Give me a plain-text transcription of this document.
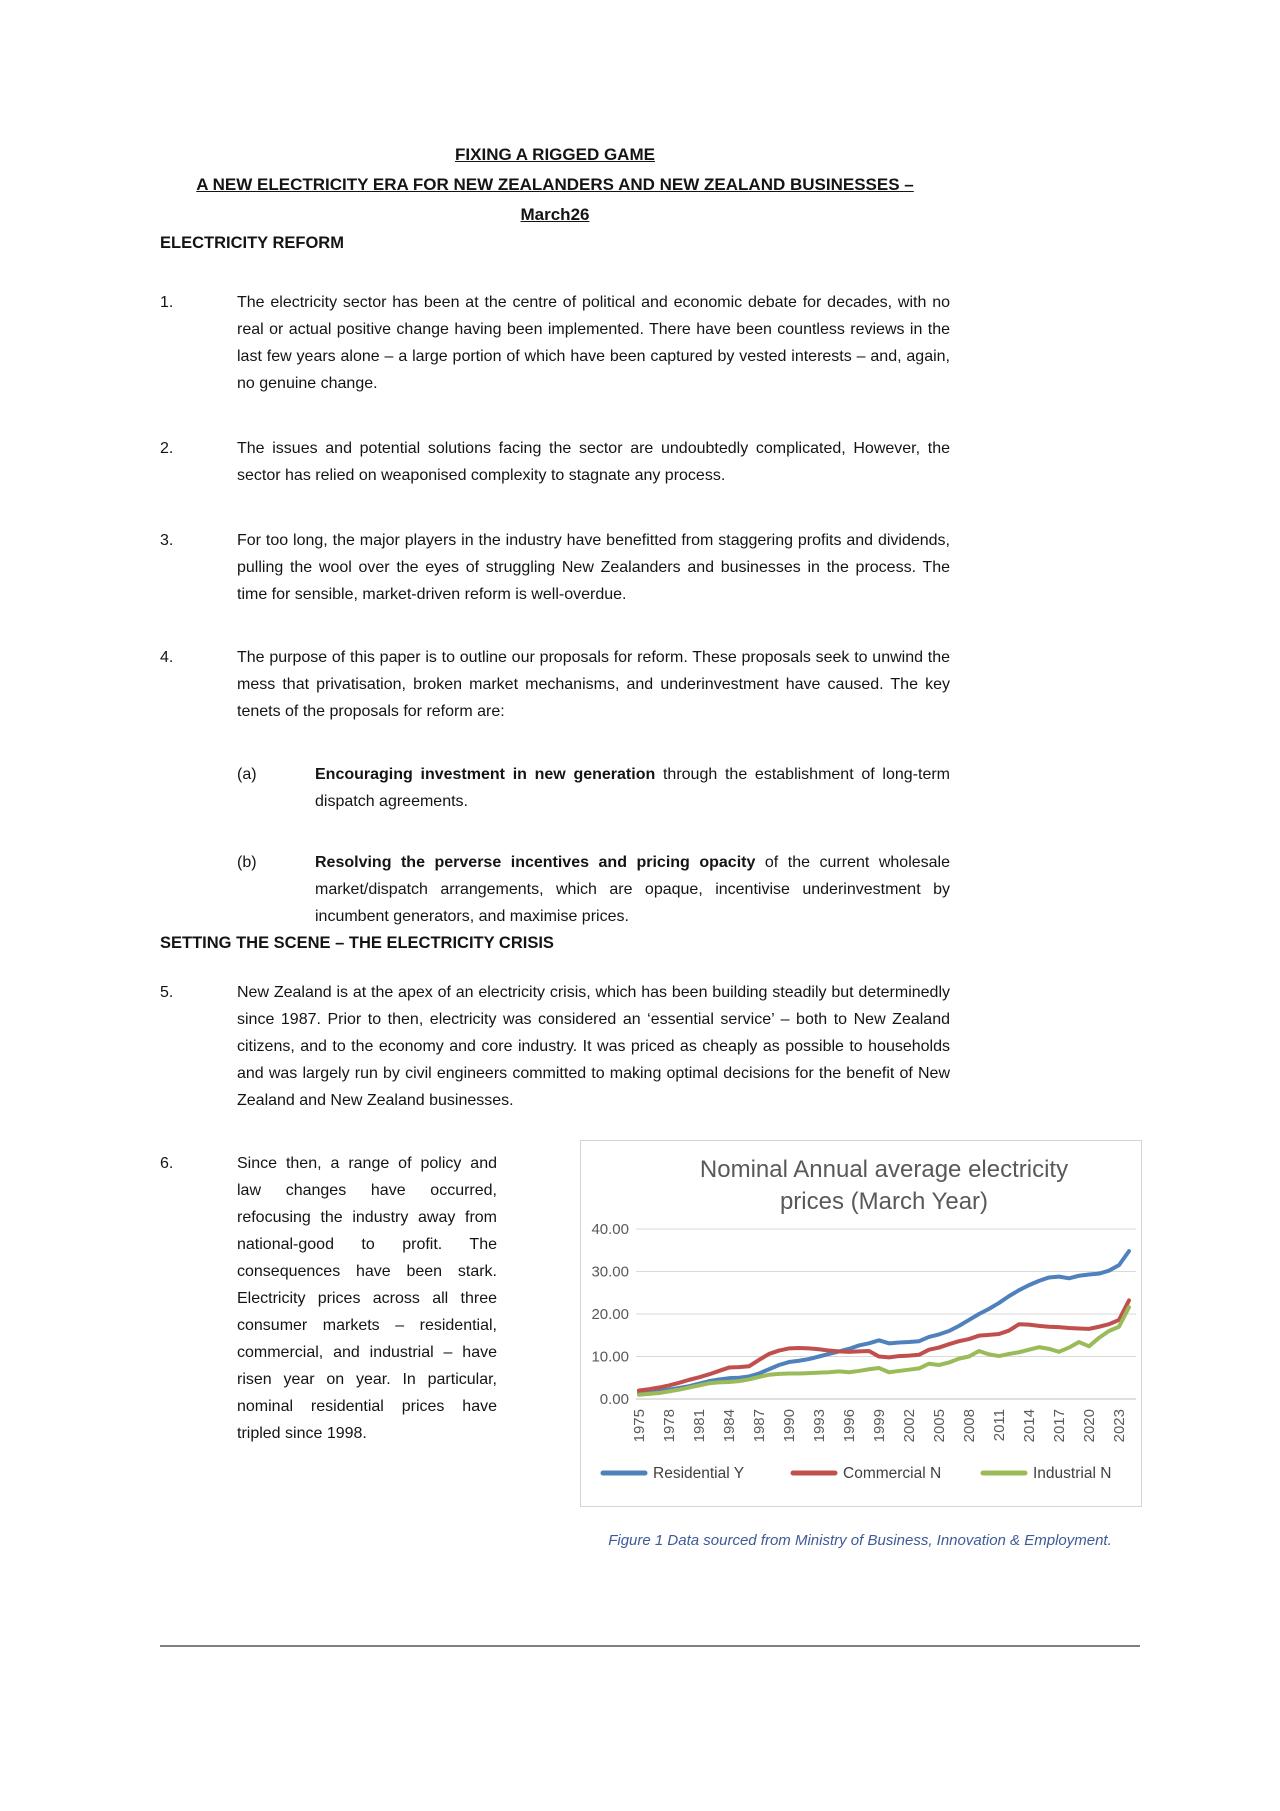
FIXING A RIGGED GAME
A NEW ELECTRICITY ERA FOR NEW ZEALANDERS AND NEW ZEALAND BUSINESSES – March26
ELECTRICITY REFORM
1.	The electricity sector has been at the centre of political and economic debate for decades, with no real or actual positive change having been implemented. There have been countless reviews in the last few years alone – a large portion of which have been captured by vested interests – and, again, no genuine change.
2.	The issues and potential solutions facing the sector are undoubtedly complicated, However, the sector has relied on weaponised complexity to stagnate any process.
3.	For too long, the major players in the industry have benefitted from staggering profits and dividends, pulling the wool over the eyes of struggling New Zealanders and businesses in the process. The time for sensible, market-driven reform is well-overdue.
4.	The purpose of this paper is to outline our proposals for reform. These proposals seek to unwind the mess that privatisation, broken market mechanisms, and underinvestment have caused. The key tenets of the proposals for reform are:
(a)	Encouraging investment in new generation through the establishment of long-term dispatch agreements.
(b)	Resolving the perverse incentives and pricing opacity of the current wholesale market/dispatch arrangements, which are opaque, incentivise underinvestment by incumbent generators, and maximise prices.
SETTING THE SCENE – THE ELECTRICITY CRISIS
5.	New Zealand is at the apex of an electricity crisis, which has been building steadily but determinedly since 1987. Prior to then, electricity was considered an ‘essential service’ – both to New Zealand citizens, and to the economy and core industry. It was priced as cheaply as possible to households and was largely run by civil engineers committed to making optimal decisions for the benefit of New Zealand and New Zealand businesses.
6.	Since then, a range of policy and law changes have occurred, refocusing the industry away from national-good to profit. The consequences have been stark. Electricity prices across all three consumer markets – residential, commercial, and industrial – have risen year on year. In particular, nominal residential prices have tripled since 1998.
0.00
10.00
20.00
30.00
40.00
Nominal Annual average electricity
prices (March Year)
1975 1978 1981 1984 1987 1990 1993 1996 1999 2002 2005 2008 2011 2014 2017 2020 2023
Residential Y	Commercial N	Industrial N
Figure 1 Data sourced from Ministry of Business, Innovation & Employment.
